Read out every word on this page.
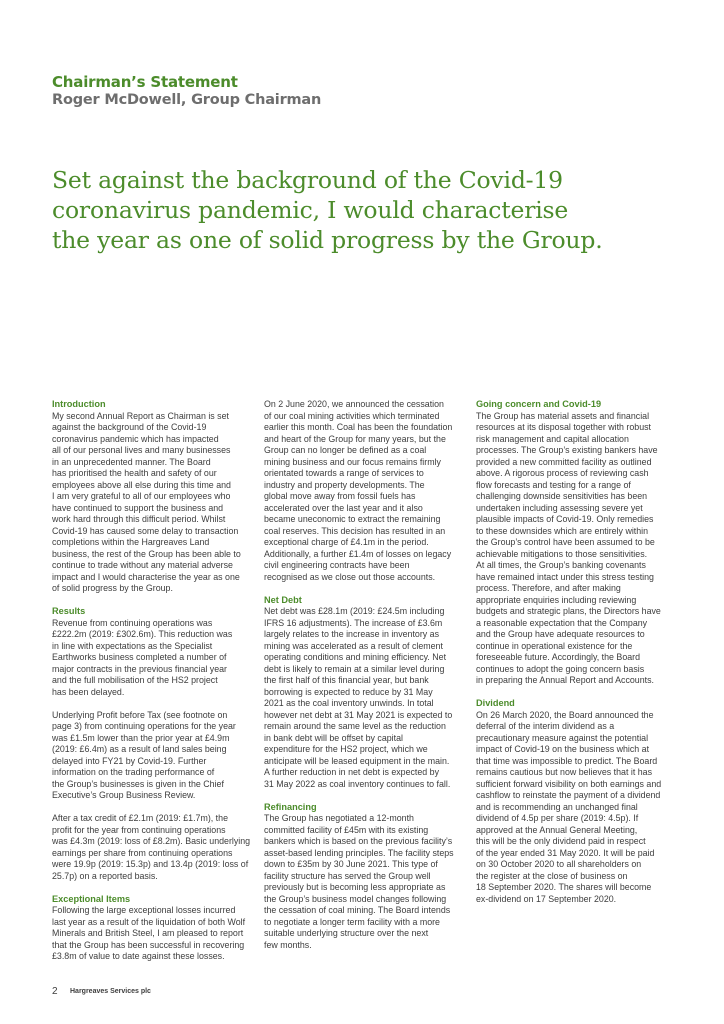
Chairman’s Statement
Roger McDowell, Group Chairman
Set against the background of the Covid-19
coronavirus pandemic, I would characterise
the year as one of solid progress by the Group.
Introduction

My second Annual Report as Chairman is set
against the background of the Covid-19
coronavirus pandemic which has impacted
all of our personal lives and many businesses
in an unprecedented manner. The Board
has prioritised the health and safety of our
employees above all else during this time and
I am very grateful to all of our employees who
have continued to support the business and
work hard through this difficult period. Whilst
Covid-19 has caused some delay to transaction
completions within the Hargreaves Land
business, the rest of the Group has been able to
continue to trade without any material adverse
impact and I would characterise the year as one
of solid progress by the Group.

Results

Revenue from continuing operations was
£222.2m (2019: £302.6m). This reduction was
in line with expectations as the Specialist
Earthworks business completed a number of
major contracts in the previous financial year
and the full mobilisation of the HS2 project
has been delayed.

Underlying Profit before Tax (see footnote on
page 3) from continuing operations for the year
was £1.5m lower than the prior year at £4.9m
(2019: £6.4m) as a result of land sales being
delayed into FY21 by Covid-19. Further
information on the trading performance of
the Group’s businesses is given in the Chief
Executive’s Group Business Review.

After a tax credit of £2.1m (2019: £1.7m), the
profit for the year from continuing operations
was £4.3m (2019: loss of £8.2m). Basic underlying
earnings per share from continuing operations
were 19.9p (2019: 15.3p) and 13.4p (2019: loss of
25.7p) on a reported basis.

Exceptional Items

Following the large exceptional losses incurred
last year as a result of the liquidation of both Wolf
Minerals and British Steel, I am pleased to report
that the Group has been successful in recovering
£3.8m of value to date against these losses.

On 2 June 2020, we announced the cessation
of our coal mining activities which terminated
earlier this month. Coal has been the foundation
and heart of the Group for many years, but the
Group can no longer be defined as a coal
mining business and our focus remains firmly
orientated towards a range of services to
industry and property developments. The
global move away from fossil fuels has
accelerated over the last year and it also
became uneconomic to extract the remaining
coal reserves. This decision has resulted in an
exceptional charge of £4.1m in the period.
Additionally, a further £1.4m of losses on legacy
civil engineering contracts have been
recognised as we close out those accounts.

Net Debt

Net debt was £28.1m (2019: £24.5m including
IFRS 16 adjustments). The increase of £3.6m
largely relates to the increase in inventory as
mining was accelerated as a result of clement
operating conditions and mining efficiency. Net
debt is likely to remain at a similar level during
the first half of this financial year, but bank
borrowing is expected to reduce by 31 May
2021 as the coal inventory unwinds. In total
however net debt at 31 May 2021 is expected to
remain around the same level as the reduction
in bank debt will be offset by capital
expenditure for the HS2 project, which we
anticipate will be leased equipment in the main.
A further reduction in net debt is expected by
31 May 2022 as coal inventory continues to fall.

Refinancing

The Group has negotiated a 12-month
committed facility of £45m with its existing
bankers which is based on the previous facility’s
asset-based lending principles. The facility steps
down to £35m by 30 June 2021. This type of
facility structure has served the Group well
previously but is becoming less appropriate as
the Group’s business model changes following
the cessation of coal mining. The Board intends
to negotiate a longer term facility with a more
suitable underlying structure over the next
few months.

Going concern and Covid-19

The Group has material assets and financial
resources at its disposal together with robust
risk management and capital allocation
processes. The Group’s existing bankers have
provided a new committed facility as outlined
above. A rigorous process of reviewing cash
flow forecasts and testing for a range of
challenging downside sensitivities has been
undertaken including assessing severe yet
plausible impacts of Covid-19. Only remedies
to these downsides which are entirely within
the Group’s control have been assumed to be
achievable mitigations to those sensitivities.
At all times, the Group’s banking covenants
have remained intact under this stress testing
process. Therefore, and after making
appropriate enquiries including reviewing
budgets and strategic plans, the Directors have
a reasonable expectation that the Company
and the Group have adequate resources to
continue in operational existence for the
foreseeable future. Accordingly, the Board
continues to adopt the going concern basis
in preparing the Annual Report and Accounts.

Dividend

On 26 March 2020, the Board announced the
deferral of the interim dividend as a
precautionary measure against the potential
impact of Covid-19 on the business which at
that time was impossible to predict. The Board
remains cautious but now believes that it has
sufficient forward visibility on both earnings and
cashflow to reinstate the payment of a dividend
and is recommending an unchanged final
dividend of 4.5p per share (2019: 4.5p). If
approved at the Annual General Meeting,
this will be the only dividend paid in respect
of the year ended 31 May 2020. It will be paid
on 30 October 2020 to all shareholders on
the register at the close of business on
18 September 2020. The shares will become
ex-dividend on 17 September 2020.

2 Hargreaves Services plc
